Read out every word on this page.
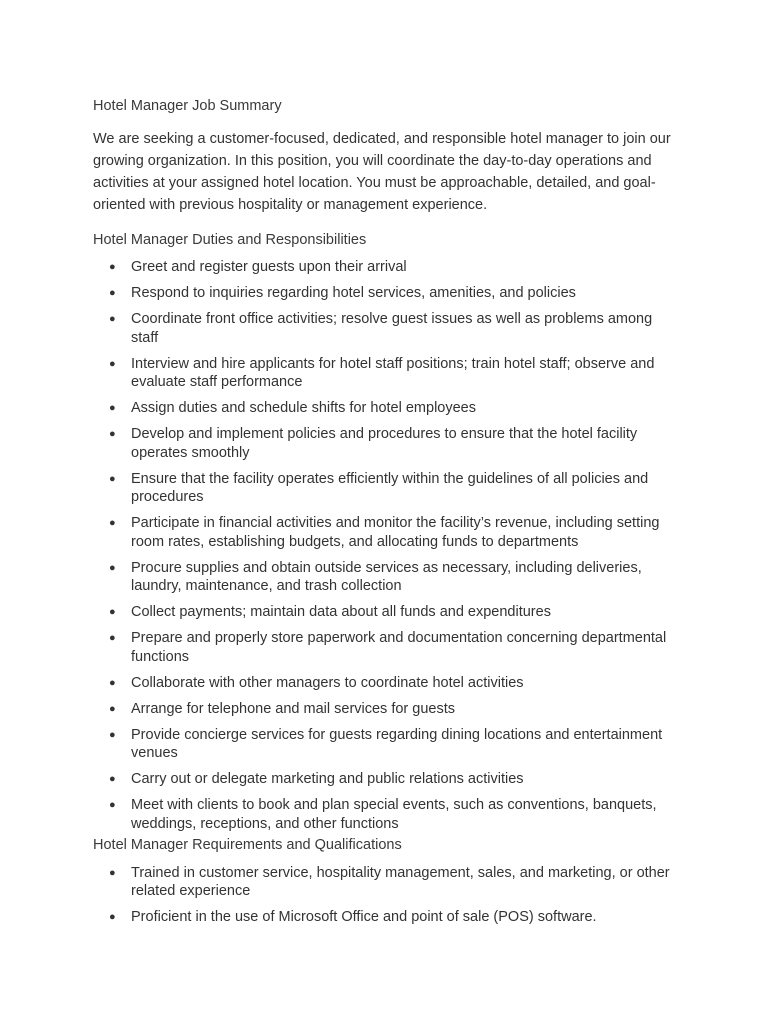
Hotel Manager Job Summary

We are seeking a customer-focused, dedicated, and responsible hotel manager to join our growing organization. In this position, you will coordinate the day-to-day operations and activities at your assigned hotel location. You must be approachable, detailed, and goal-oriented with previous hospitality or management experience.

Hotel Manager Duties and Responsibilities
● Greet and register guests upon their arrival
● Respond to inquiries regarding hotel services, amenities, and policies
● Coordinate front office activities; resolve guest issues as well as problems among staff
● Interview and hire applicants for hotel staff positions; train hotel staff; observe and evaluate staff performance
● Assign duties and schedule shifts for hotel employees
● Develop and implement policies and procedures to ensure that the hotel facility operates smoothly
● Ensure that the facility operates efficiently within the guidelines of all policies and procedures
● Participate in financial activities and monitor the facility’s revenue, including setting room rates, establishing budgets, and allocating funds to departments
● Procure supplies and obtain outside services as necessary, including deliveries, laundry, maintenance, and trash collection
● Collect payments; maintain data about all funds and expenditures
● Prepare and properly store paperwork and documentation concerning departmental functions
● Collaborate with other managers to coordinate hotel activities
● Arrange for telephone and mail services for guests
● Provide concierge services for guests regarding dining locations and entertainment venues
● Carry out or delegate marketing and public relations activities
● Meet with clients to book and plan special events, such as conventions, banquets, weddings, receptions, and other functions
Hotel Manager Requirements and Qualifications
● Trained in customer service, hospitality management, sales, and marketing, or other related experience
● Proficient in the use of Microsoft Office and point of sale (POS) software.
